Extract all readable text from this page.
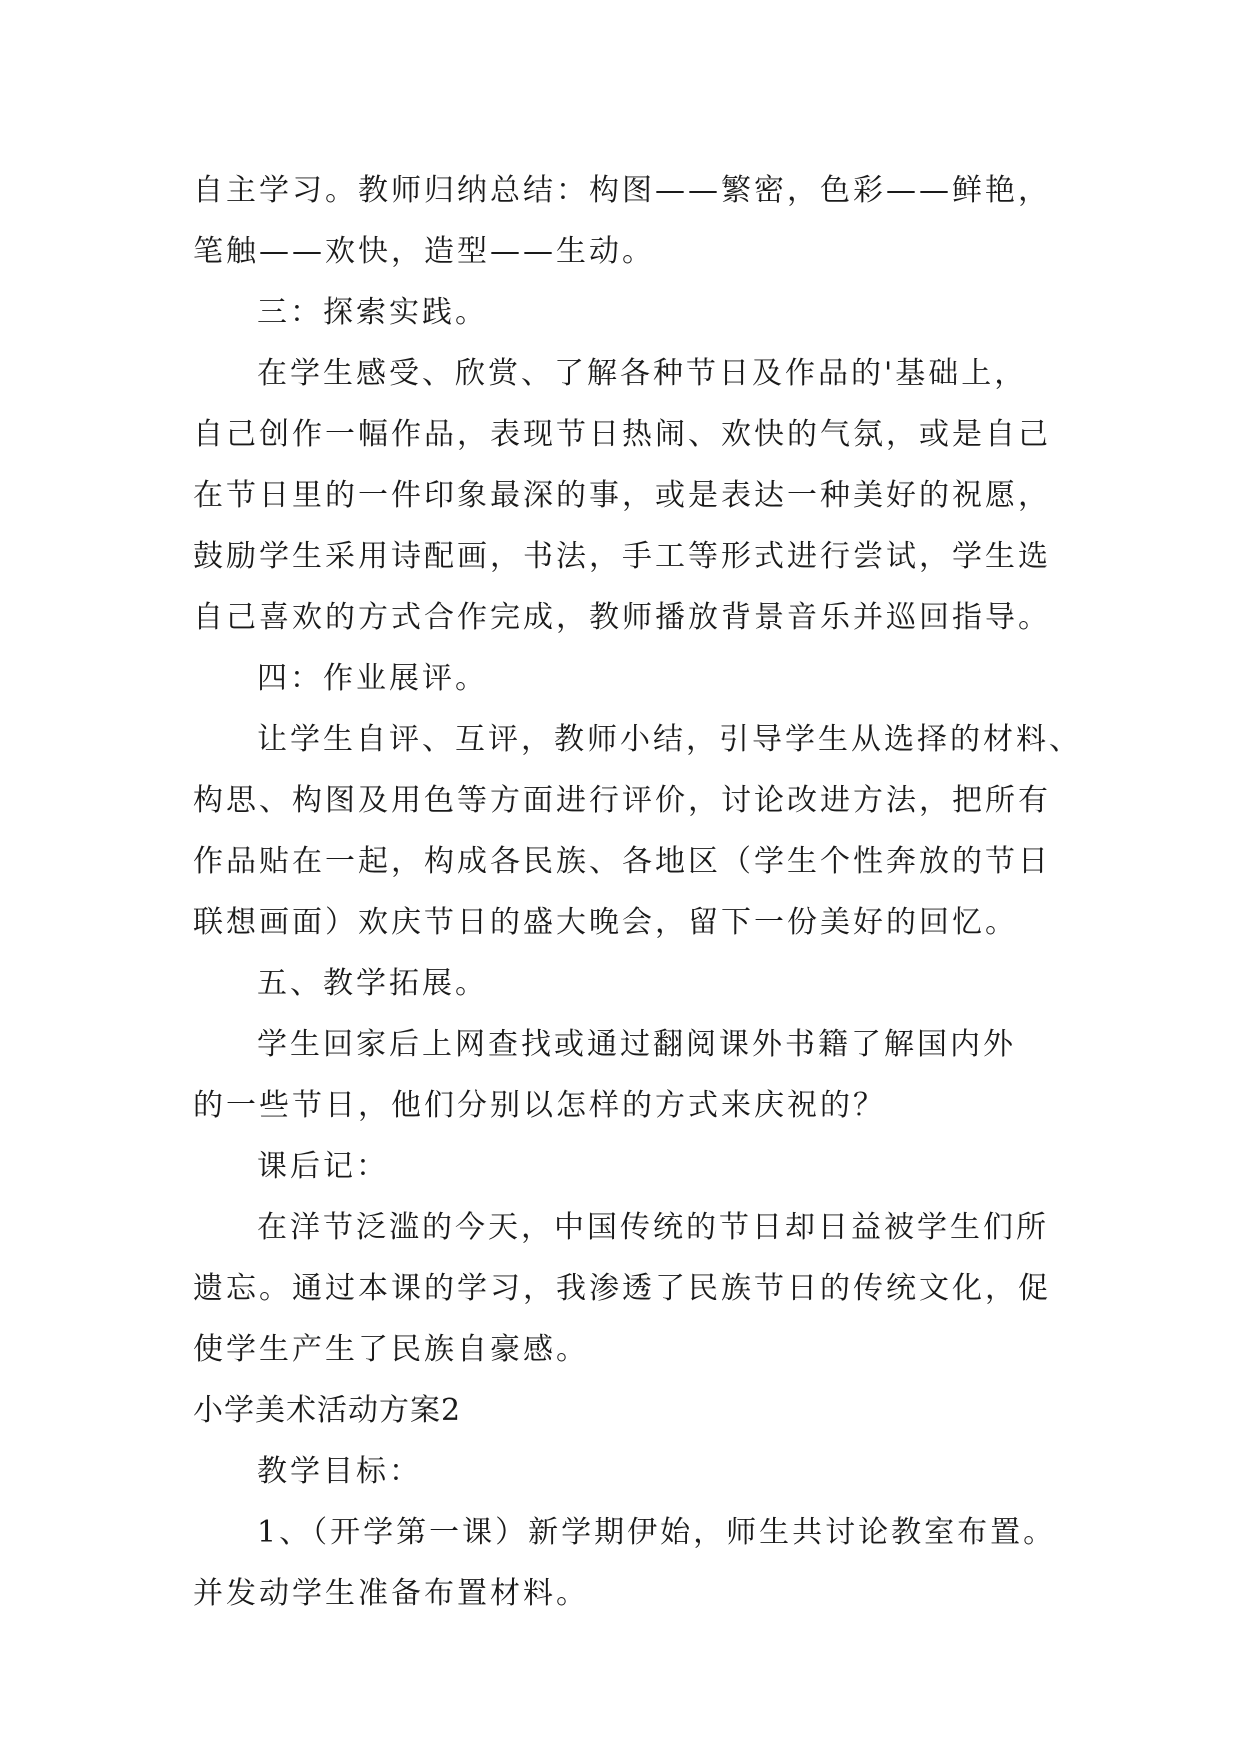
自主学习。教师归纳总结：构图——繁密，色彩——鲜艳，
笔触——欢快，造型——生动。
三：探索实践。
在学生感受、欣赏、了解各种节日及作品的'基础上，
自己创作一幅作品，表现节日热闹、欢快的气氛，或是自己
在节日里的一件印象最深的事，或是表达一种美好的祝愿，
鼓励学生采用诗配画，书法，手工等形式进行尝试，学生选
自己喜欢的方式合作完成，教师播放背景音乐并巡回指导。
四：作业展评。
让学生自评、互评，教师小结，引导学生从选择的材料、
构思、构图及用色等方面进行评价，讨论改进方法，把所有
作品贴在一起，构成各民族、各地区（学生个性奔放的节日
联想画面）欢庆节日的盛大晚会，留下一份美好的回忆。
五、教学拓展。
学生回家后上网查找或通过翻阅课外书籍了解国内外
的一些节日，他们分别以怎样的方式来庆祝的？
课后记：
在洋节泛滥的今天，中国传统的节日却日益被学生们所
遗忘。通过本课的学习，我渗透了民族节日的传统文化，促
使学生产生了民族自豪感。
小学美术活动方案2
教学目标：
1、（开学第一课）新学期伊始，师生共讨论教室布置。
并发动学生准备布置材料。
